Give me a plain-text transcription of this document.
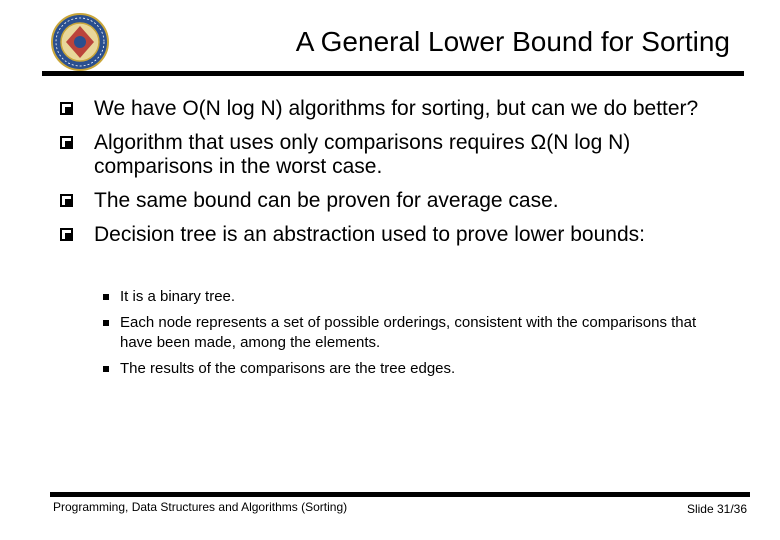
A General Lower Bound for Sorting
We have O(N log N) algorithms for sorting, but can we do better?
Algorithm that uses only comparisons requires Ω(N log N) comparisons in the worst case.
The same bound can be proven for average case.
Decision tree is an abstraction used to prove lower bounds:
It is a binary tree.
Each node represents a set of possible orderings, consistent with the comparisons that have been made, among the elements.
The results of the comparisons are the tree edges.
Programming, Data Structures and Algorithms (Sorting)	Slide 31/36
